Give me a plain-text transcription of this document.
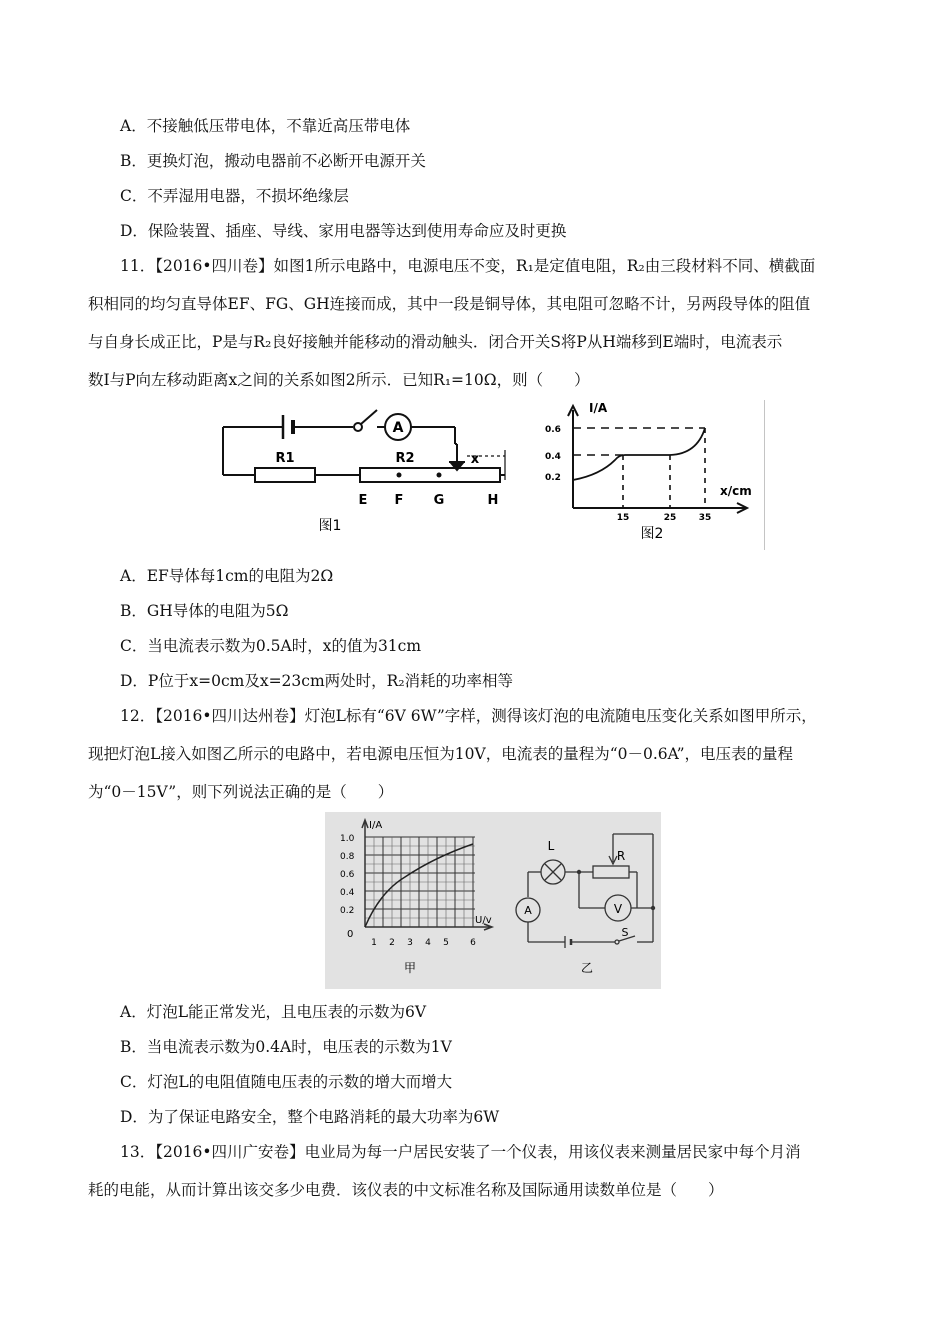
A．不接触低压带电体，不靠近高压带电体
B．更换灯泡，搬动电器前不必断开电源开关
C．不弄湿用电器，不损坏绝缘层
D．保险装置、插座、导线、家用电器等达到使用寿命应及时更换
11．【2016•四川卷】如图1所示电路中，电源电压不变，R₁是定值电阻，R₂由三段材料不同、横截面
积相同的均匀直导体EF、FG、GH连接而成，其中一段是铜导体，其电阻可忽略不计，另两段导体的阻值
与自身长成正比，P是与R₂良好接触并能移动的滑动触头．闭合开关S将P从H端移到E端时，电流表示
数I与P向左移动距离x之间的关系如图2所示．已知R₁=10Ω，则（　　）
A
R1	R2	x
E F G	H
图1
I/A
x/cm
0.6
0.4
0.2
15	25 35
图2
A．EF导体每1cm的电阻为2Ω
B．GH导体的电阻为5Ω
C．当电流表示数为0.5A时，x的值为31cm
D．P位于x=0cm及x=23cm两处时，R₂消耗的功率相等
12．【2016•四川达州卷】灯泡L标有“6V 6W”字样，测得该灯泡的电流随电压变化关系如图甲所示，
现把灯泡L接入如图乙所示的电路中，若电源电压恒为10V，电流表的量程为“0－0.6A”，电压表的量程
为“0－15V”，则下列说法正确的是（　　）
I/A
U/v
1.0
0.8
0.6
0.4
0.2
0
1 2 3 4 5 6
甲
L
R
A	V
S
乙
A．灯泡L能正常发光，且电压表的示数为6V
B．当电流表示数为0.4A时，电压表的示数为1V
C．灯泡L的电阻值随电压表的示数的增大而增大
D．为了保证电路安全，整个电路消耗的最大功率为6W
13．【2016•四川广安卷】电业局为每一户居民安装了一个仪表，用该仪表来测量居民家中每个月消
耗的电能，从而计算出该交多少电费．该仪表的中文标准名称及国际通用读数单位是（　　）
